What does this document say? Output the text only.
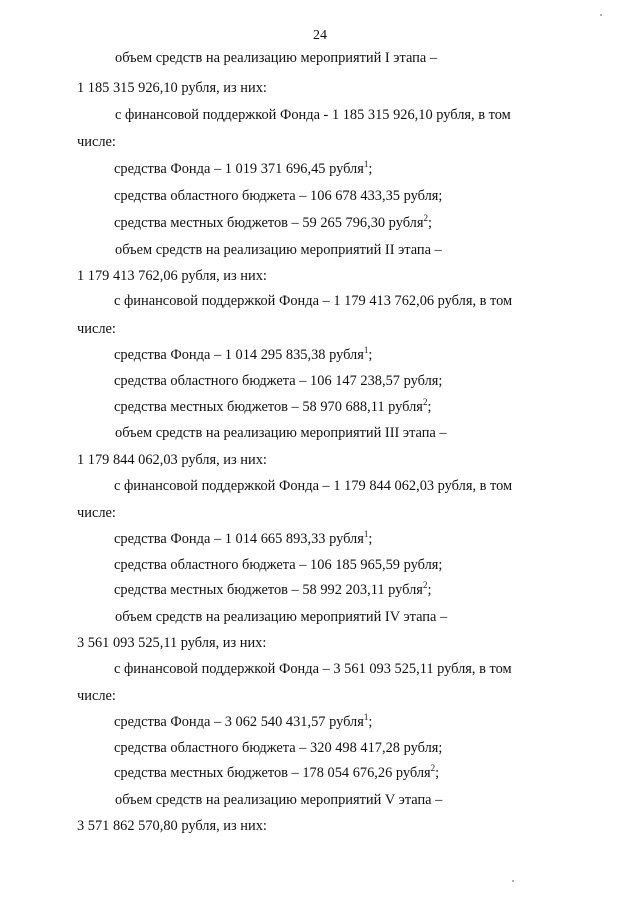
24
объем средств на реализацию мероприятий I этапа –
1 185 315 926,10 рубля, из них:
с финансовой поддержкой Фонда - 1 185 315 926,10 рубля, в том
числе:
средства Фонда – 1 019 371 696,45 рубля$^1$;
средства областного бюджета – 106 678 433,35 рубля;
средства местных бюджетов – 59 265 796,30 рубля$^2$;
объем средств на реализацию мероприятий II этапа –
1 179 413 762,06 рубля, из них:
с финансовой поддержкой Фонда – 1 179 413 762,06 рубля, в том
числе:
средства Фонда – 1 014 295 835,38 рубля$^1$;
средства областного бюджета – 106 147 238,57 рубля;
средства местных бюджетов – 58 970 688,11 рубля$^2$;
объем средств на реализацию мероприятий III этапа –
1 179 844 062,03 рубля, из них:
с финансовой поддержкой Фонда – 1 179 844 062,03 рубля, в том
числе:
средства Фонда – 1 014 665 893,33 рубля$^1$;
средства областного бюджета – 106 185 965,59 рубля;
средства местных бюджетов – 58 992 203,11 рубля$^2$;
объем средств на реализацию мероприятий IV этапа –
3 561 093 525,11 рубля, из них:
с финансовой поддержкой Фонда – 3 561 093 525,11 рубля, в том
числе:
средства Фонда – 3 062 540 431,57 рубля$^1$;
средства областного бюджета – 320 498 417,28 рубля;
средства местных бюджетов – 178 054 676,26 рубля$^2$;
объем средств на реализацию мероприятий V этапа –
3 571 862 570,80 рубля, из них:
